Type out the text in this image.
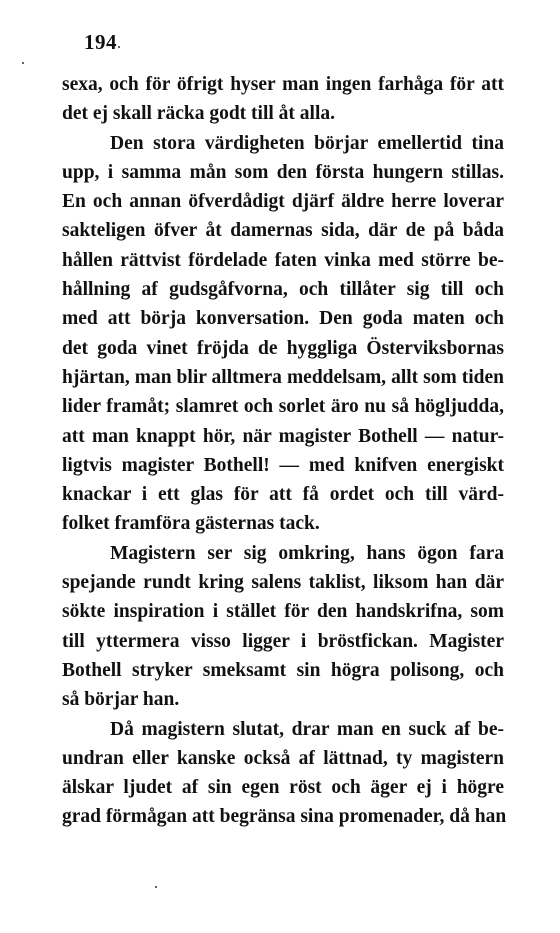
194
sexa, och för öfrigt hyser man ingen farhåga för att
det ej skall räcka godt till åt alla.
Den stora värdigheten börjar emellertid tina
upp, i samma mån som den första hungern stillas.
En och annan öfverdådigt djärf äldre herre loverar
sakteligen öfver åt damernas sida, där de på båda
hållen rättvist fördelade faten vinka med större be-
hållning af gudsgåfvorna, och tillåter sig till och
med att börja konversation. Den goda maten och
det goda vinet fröjda de hyggliga Österviksbornas
hjärtan, man blir alltmera meddelsam, allt som tiden
lider framåt; slamret och sorlet äro nu så högljudda,
att man knappt hör, när magister Bothell — natur-
ligtvis magister Bothell! — med knifven energiskt
knackar i ett glas för att få ordet och till värd-
folket framföra gästernas tack.
Magistern ser sig omkring, hans ögon fara
spejande rundt kring salens taklist, liksom han där
sökte inspiration i stället för den handskrifna, som
till yttermera visso ligger i bröstfickan. Magister
Bothell stryker smeksamt sin högra polisong, och
så börjar han.
Då magistern slutat, drar man en suck af be-
undran eller kanske också af lättnad, ty magistern
älskar ljudet af sin egen röst och äger ej i högre
grad förmågan att begränsa sina promenader, då han
